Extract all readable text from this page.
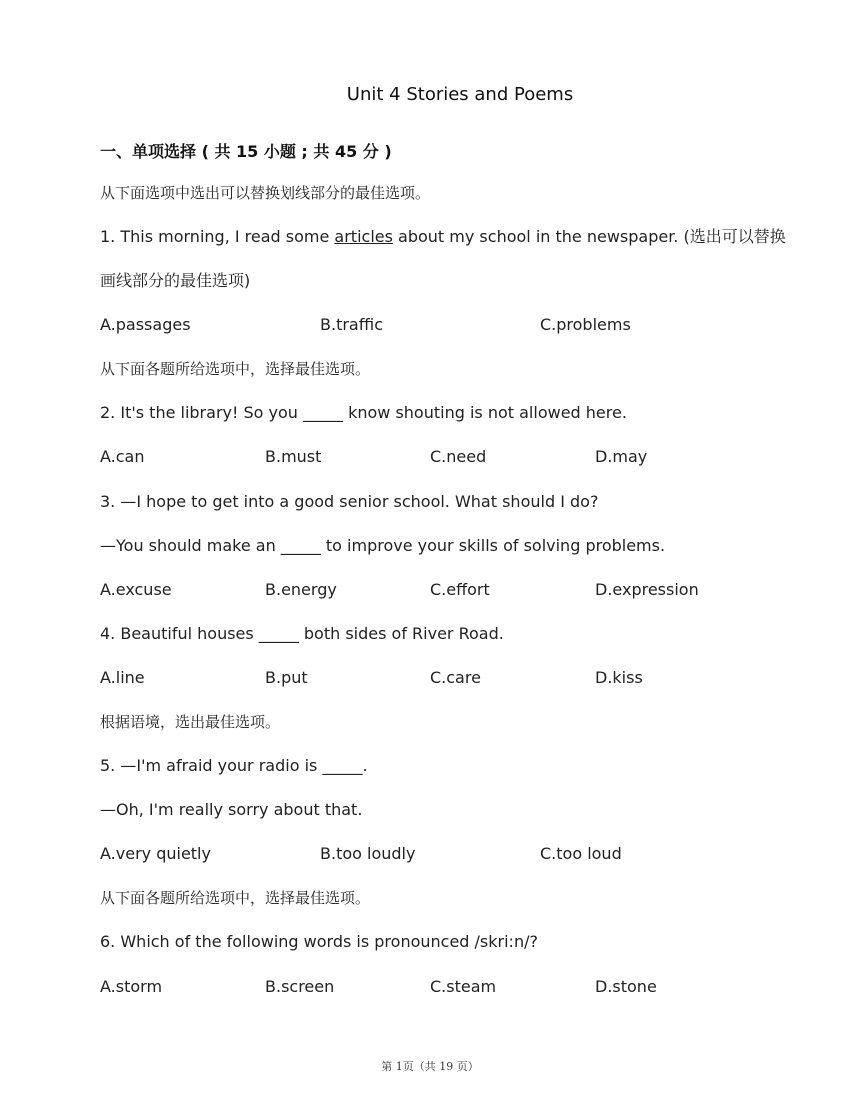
Unit 4 Stories and Poems
一、单项选择 ( 共 15 小题 ; 共 45 分 )
从下面选项中选出可以替换划线部分的最佳选项。
1. This morning, I read some articles about my school in the newspaper. (选出可以替换
画线部分的最佳选项)
A.passages	B.traffic	C.problems
从下面各题所给选项中，选择最佳选项。
2. It's the library! So you _____ know shouting is not allowed here.
A.can	B.must	C.need	D.may
3. —I hope to get into a good senior school. What should I do?
—You should make an _____ to improve your skills of solving problems.
A.excuse	B.energy	C.effort	D.expression
4. Beautiful houses _____ both sides of River Road.
A.line	B.put	C.care	D.kiss
根据语境，选出最佳选项。
5. —I'm afraid your radio is _____.
—Oh, I'm really sorry about that.
A.very quietly	B.too loudly	C.too loud
从下面各题所给选项中，选择最佳选项。
6. Which of the following words is pronounced /skri:n/?
A.storm	B.screen	C.steam	D.stone
第 1页（共 19 页）
